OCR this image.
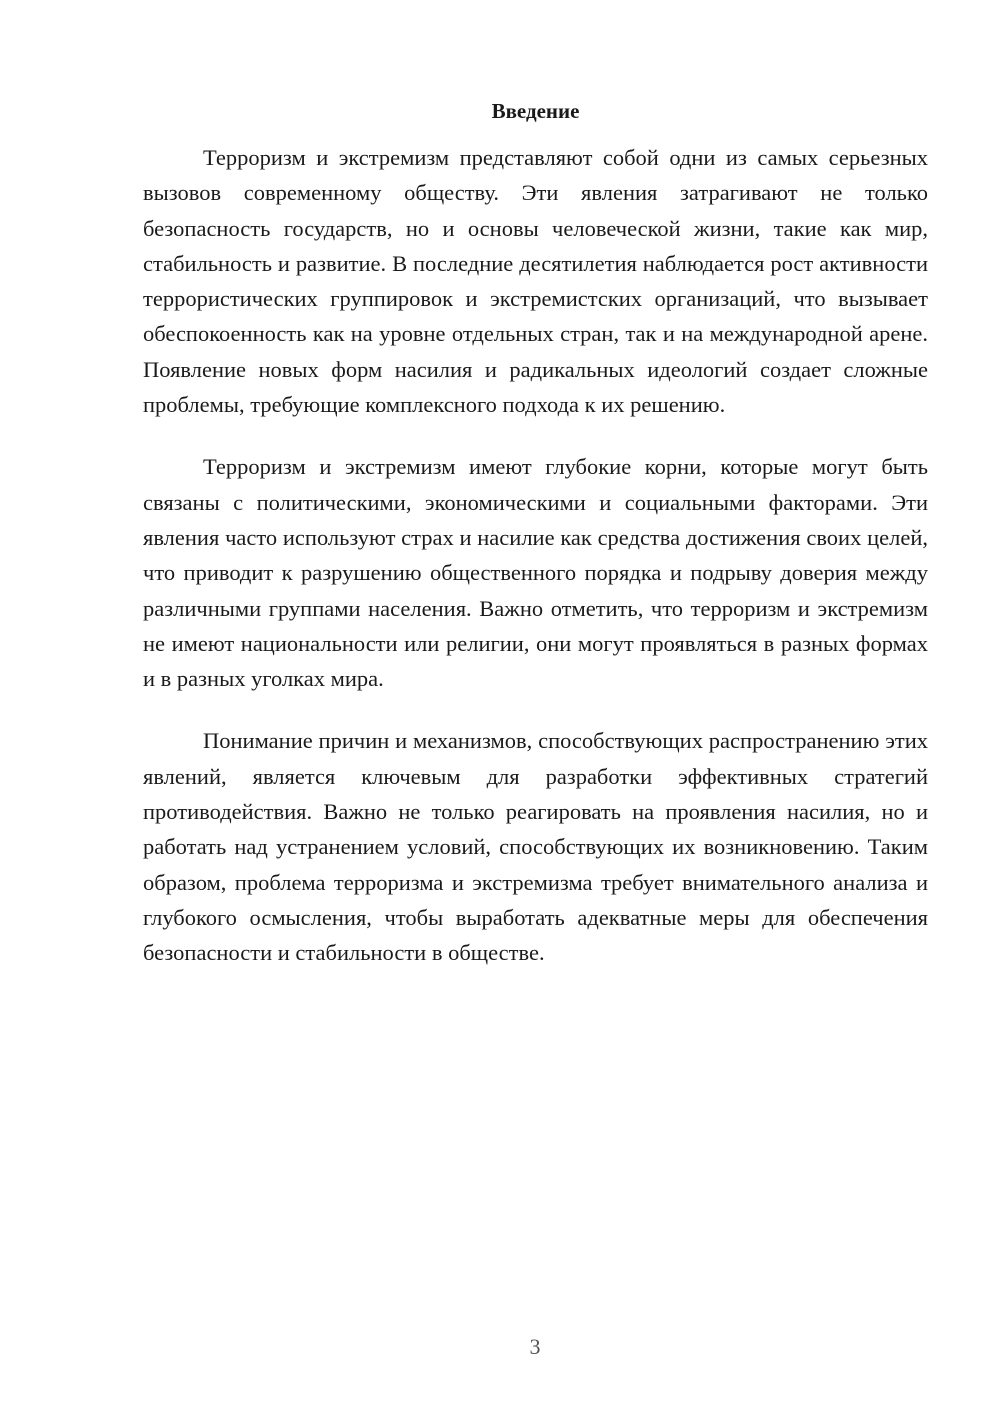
Введение

Терроризм и экстремизм представляют собой одни из самых серьезных вызовов современному обществу. Эти явления затрагивают не только безопасность государств, но и основы человеческой жизни, такие как мир, стабильность и развитие. В последние десятилетия наблюдается рост активности террористических группировок и экстремистских организаций, что вызывает обеспокоенность как на уровне отдельных стран, так и на международной арене. Появление новых форм насилия и радикальных идеологий создает сложные проблемы, требующие комплексного подхода к их решению.

Терроризм и экстремизм имеют глубокие корни, которые могут быть связаны с политическими, экономическими и социальными факторами. Эти явления часто используют страх и насилие как средства достижения своих целей, что приводит к разрушению общественного порядка и подрыву доверия между различными группами населения. Важно отметить, что терроризм и экстремизм не имеют национальности или религии, они могут проявляться в разных формах и в разных уголках мира.

Понимание причин и механизмов, способствующих распространению этих явлений, является ключевым для разработки эффективных стратегий противодействия. Важно не только реагировать на проявления насилия, но и работать над устранением условий, способствующих их возникновению. Таким образом, проблема терроризма и экстремизма требует внимательного анализа и глубокого осмысления, чтобы выработать адекватные меры для обеспечения безопасности и стабильности в обществе.

3
